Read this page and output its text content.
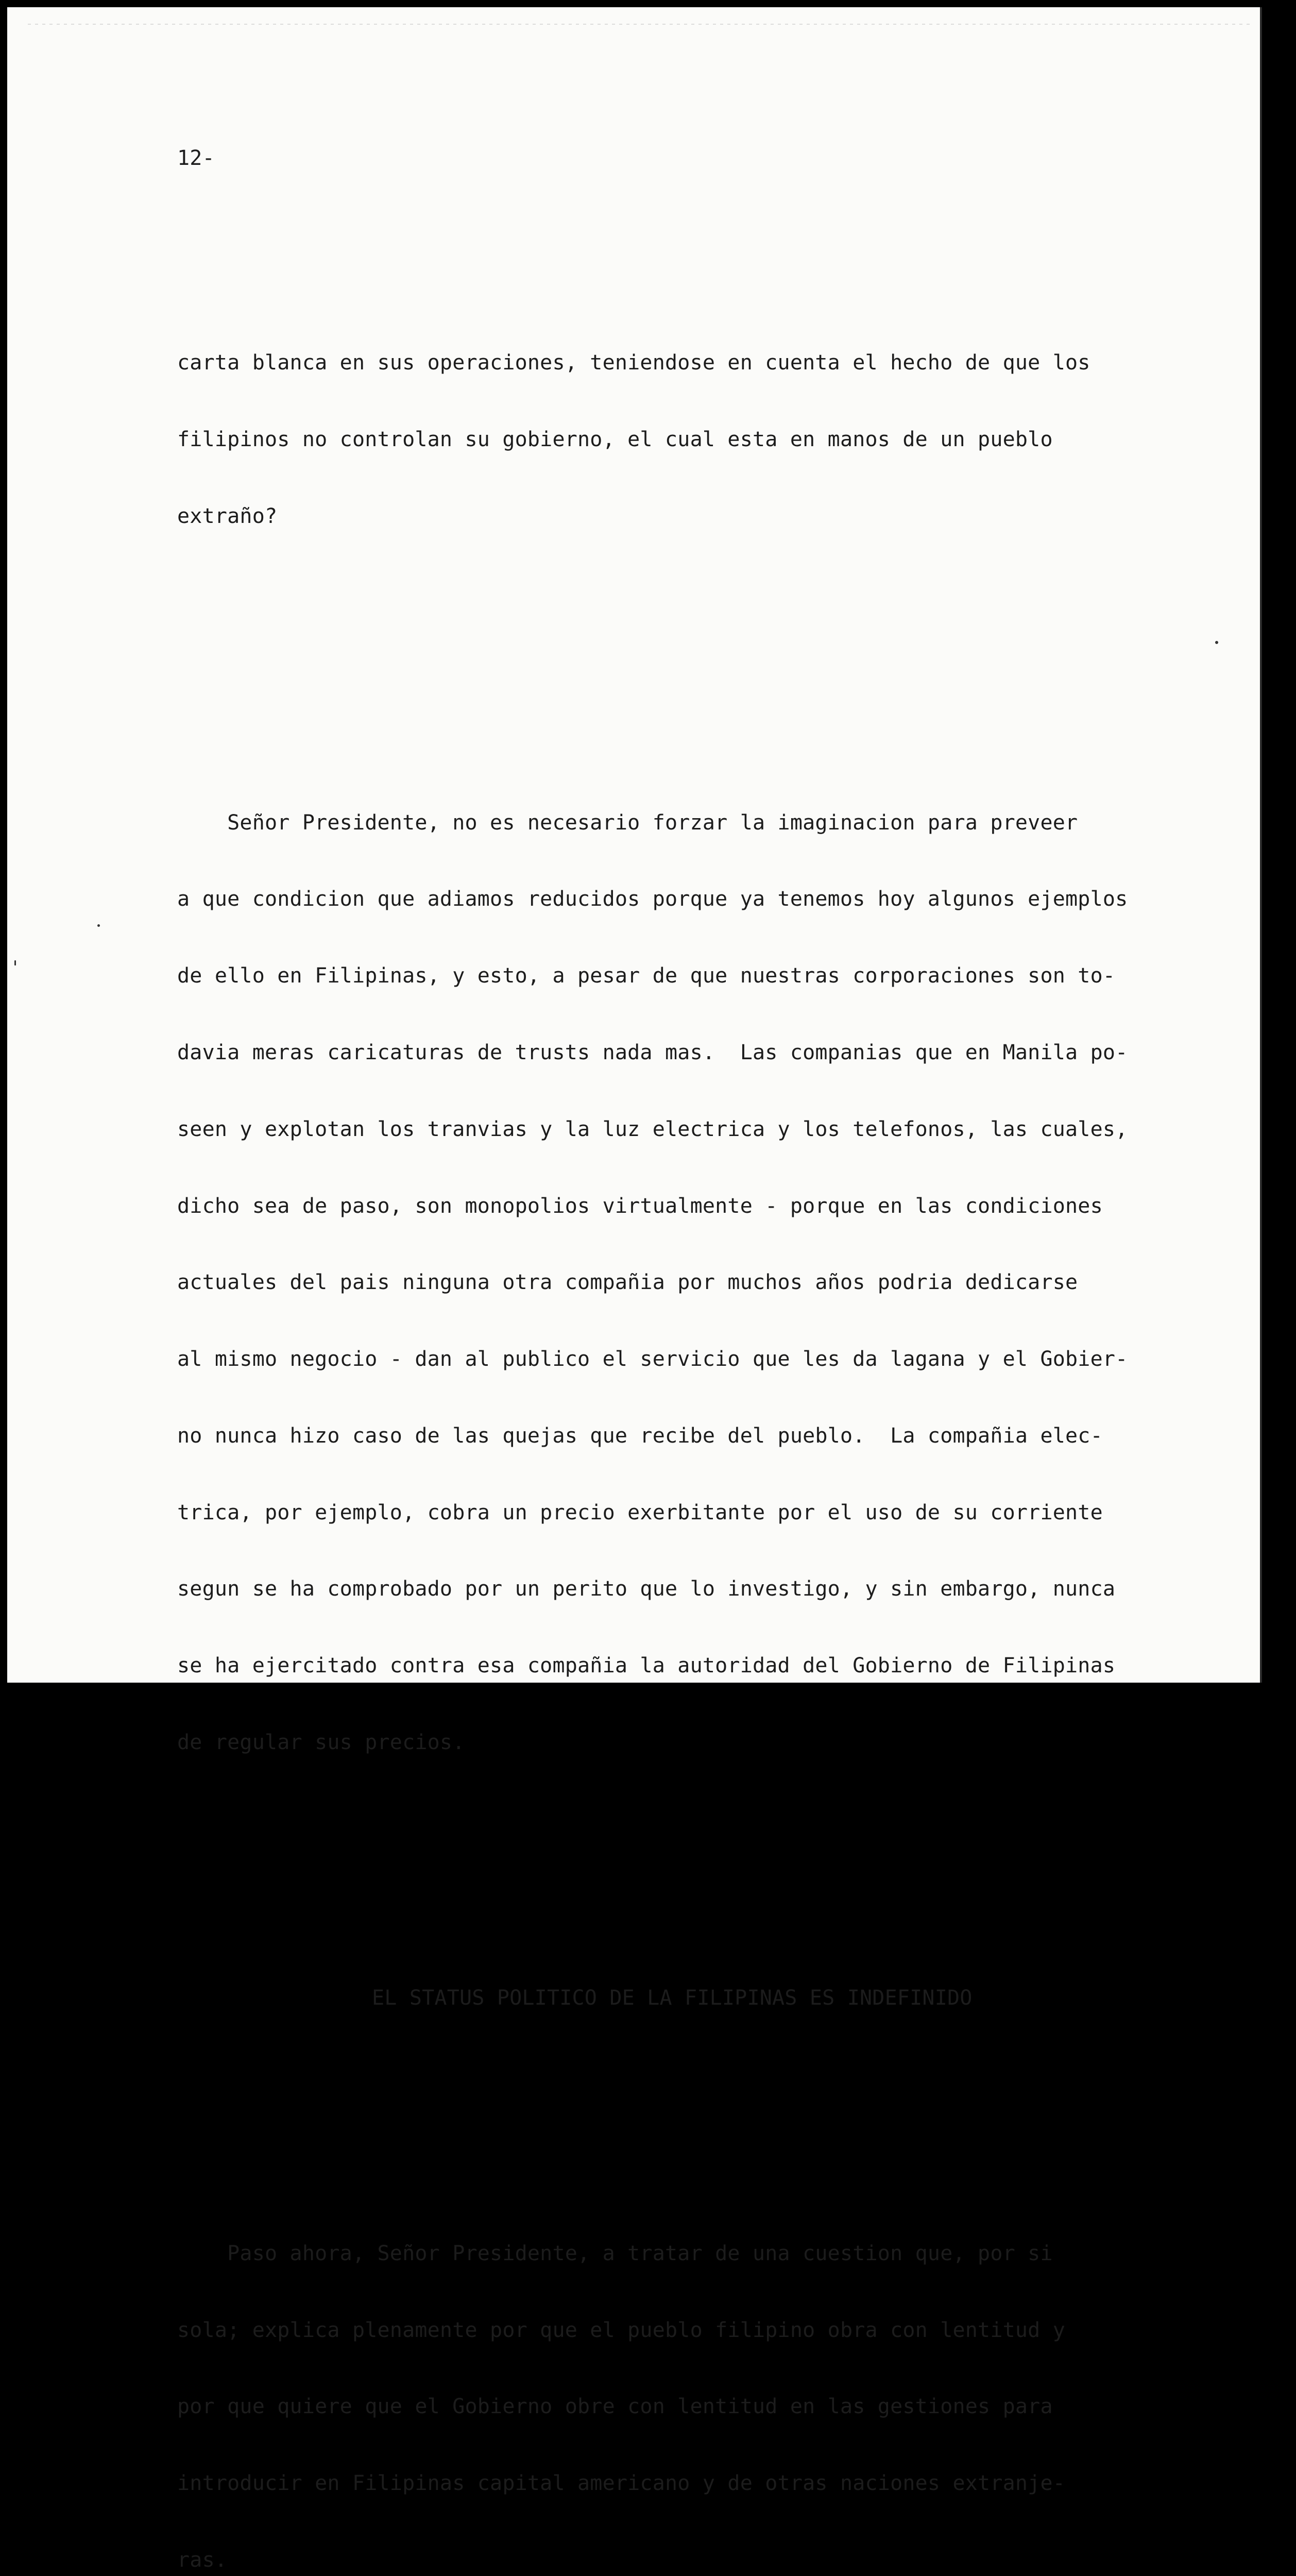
12-

carta blanca en sus operaciones, teniendose en cuenta el hecho de que los

filipinos no controlan su gobierno, el cual esta en manos de un pueblo

extraño?

Señor Presidente, no es necesario forzar la imaginacion para preveer

a que condicion que adiamos reducidos porque ya tenemos hoy algunos ejemplos

de ello en Filipinas, y esto, a pesar de que nuestras corporaciones son to-

davia meras caricaturas de trusts nada mas.  Las companias que en Manila po-

seen y explotan los tranvias y la luz electrica y los telefonos, las cuales,

dicho sea de paso, son monopolios virtualmente - porque en las condiciones

actuales del pais ninguna otra compañia por muchos años podria dedicarse

al mismo negocio - dan al publico el servicio que les da lagana y el Gobier-

no nunca hizo caso de las quejas que recibe del pueblo.  La compañia elec-

trica, por ejemplo, cobra un precio exerbitante por el uso de su corriente

segun se ha comprobado por un perito que lo investigo, y sin embargo, nunca

se ha ejercitado contra esa compañia la autoridad del Gobierno de Filipinas

de regular sus precios.

EL STATUS POLITICO DE LA FILIPINAS ES INDEFINIDO

Paso ahora, Señor Presidente, a tratar de una cuestion que, por si

sola; explica plenamente por que el pueblo filipino obra con lentitud y

por que quiere que el Gobierno obre con lentitud en las gestiones para

introducir en Filipinas capital americano y de otras naciones extranje-

ras.
